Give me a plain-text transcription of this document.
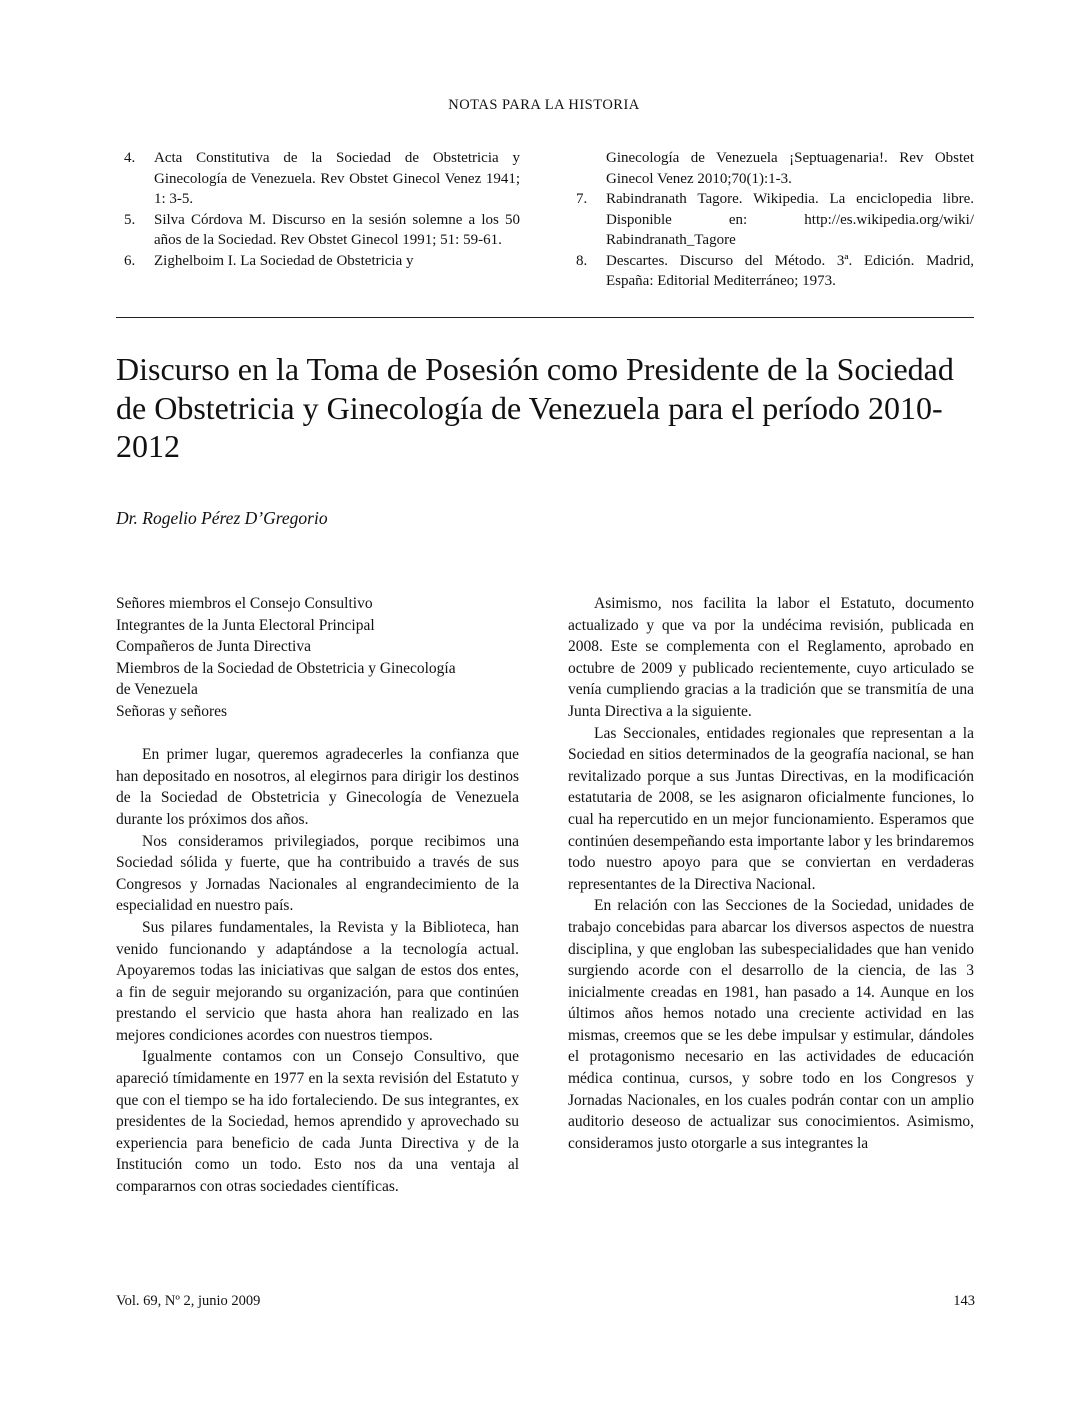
NOTAS PARA LA HISTORIA
4.	Acta Constitutiva de la Sociedad de Obstetricia y Ginecología de Venezuela. Rev Obstet Ginecol Venez 1941; 1: 3-5.
5.	Silva Córdova M. Discurso en la sesión solemne a los 50 años de la Sociedad. Rev Obstet Ginecol 1991; 51: 59-61.
6.	Zighelboim I. La Sociedad de Obstetricia y
Ginecología de Venezuela ¡Septuagenaria!. Rev Obstet Ginecol Venez 2010;70(1):1-3.
7.	Rabindranath Tagore. Wikipedia. La enciclopedia libre. Disponible en: http://es.wikipedia.org/wiki/ Rabindranath_Tagore
8.	Descartes. Discurso del Método. 3ª. Edición. Madrid, España: Editorial Mediterráneo; 1973.
Discurso en la Toma de Posesión como Presidente de la Sociedad de Obstetricia y Ginecología de Venezuela para el período 2010-2012
Dr. Rogelio Pérez D’Gregorio
Señores miembros el Consejo Consultivo
Integrantes de la Junta Electoral Principal
Compañeros de Junta Directiva
Miembros de la Sociedad de Obstetricia y Ginecología
de Venezuela
Señoras y señores

En primer lugar, queremos agradecerles la confianza que han depositado en nosotros, al elegirnos para dirigir los destinos de la Sociedad de Obstetricia y Ginecología de Venezuela durante los próximos dos años.

Nos consideramos privilegiados, porque recibimos una Sociedad sólida y fuerte, que ha contribuido a través de sus Congresos y Jornadas Nacionales al engrandecimiento de la especialidad en nuestro país.

Sus pilares fundamentales, la Revista y la Biblioteca, han venido funcionando y adaptándose a la tecnología actual. Apoyaremos todas las iniciativas que salgan de estos dos entes, a fin de seguir mejorando su organización, para que continúen prestando el servicio que hasta ahora han realizado en las mejores condiciones acordes con nuestros tiempos.

Igualmente contamos con un Consejo Consultivo, que apareció tímidamente en 1977 en la sexta revisión del Estatuto y que con el tiempo se ha ido fortaleciendo. De sus integrantes, ex presidentes de la Sociedad, hemos aprendido y aprovechado su experiencia para beneficio de cada Junta Directiva y de la Institución como un todo. Esto nos da una ventaja al compararnos con otras sociedades científicas.

Asimismo, nos facilita la labor el Estatuto, documento actualizado y que va por la undécima revisión, publicada en 2008. Este se complementa con el Reglamento, aprobado en octubre de 2009 y publicado recientemente, cuyo articulado se venía cumpliendo gracias a la tradición que se transmitía de una Junta Directiva a la siguiente.

Las Seccionales, entidades regionales que representan a la Sociedad en sitios determinados de la geografía nacional, se han revitalizado porque a sus Juntas Directivas, en la modificación estatutaria de 2008, se les asignaron oficialmente funciones, lo cual ha repercutido en un mejor funcionamiento. Esperamos que continúen desempeñando esta importante labor y les brindaremos todo nuestro apoyo para que se conviertan en verdaderas representantes de la Directiva Nacional.

En relación con las Secciones de la Sociedad, unidades de trabajo concebidas para abarcar los diversos aspectos de nuestra disciplina, y que engloban las subespecialidades que han venido surgiendo acorde con el desarrollo de la ciencia, de las 3 inicialmente creadas en 1981, han pasado a 14. Aunque en los últimos años hemos notado una creciente actividad en las mismas, creemos que se les debe impulsar y estimular, dándoles el protagonismo necesario en las actividades de educación médica continua, cursos, y sobre todo en los Congresos y Jornadas Nacionales, en los cuales podrán contar con un amplio auditorio deseoso de actualizar sus conocimientos. Asimismo, consideramos justo otorgarle a sus integrantes la

Vol. 69, Nº 2, junio 2009	143
